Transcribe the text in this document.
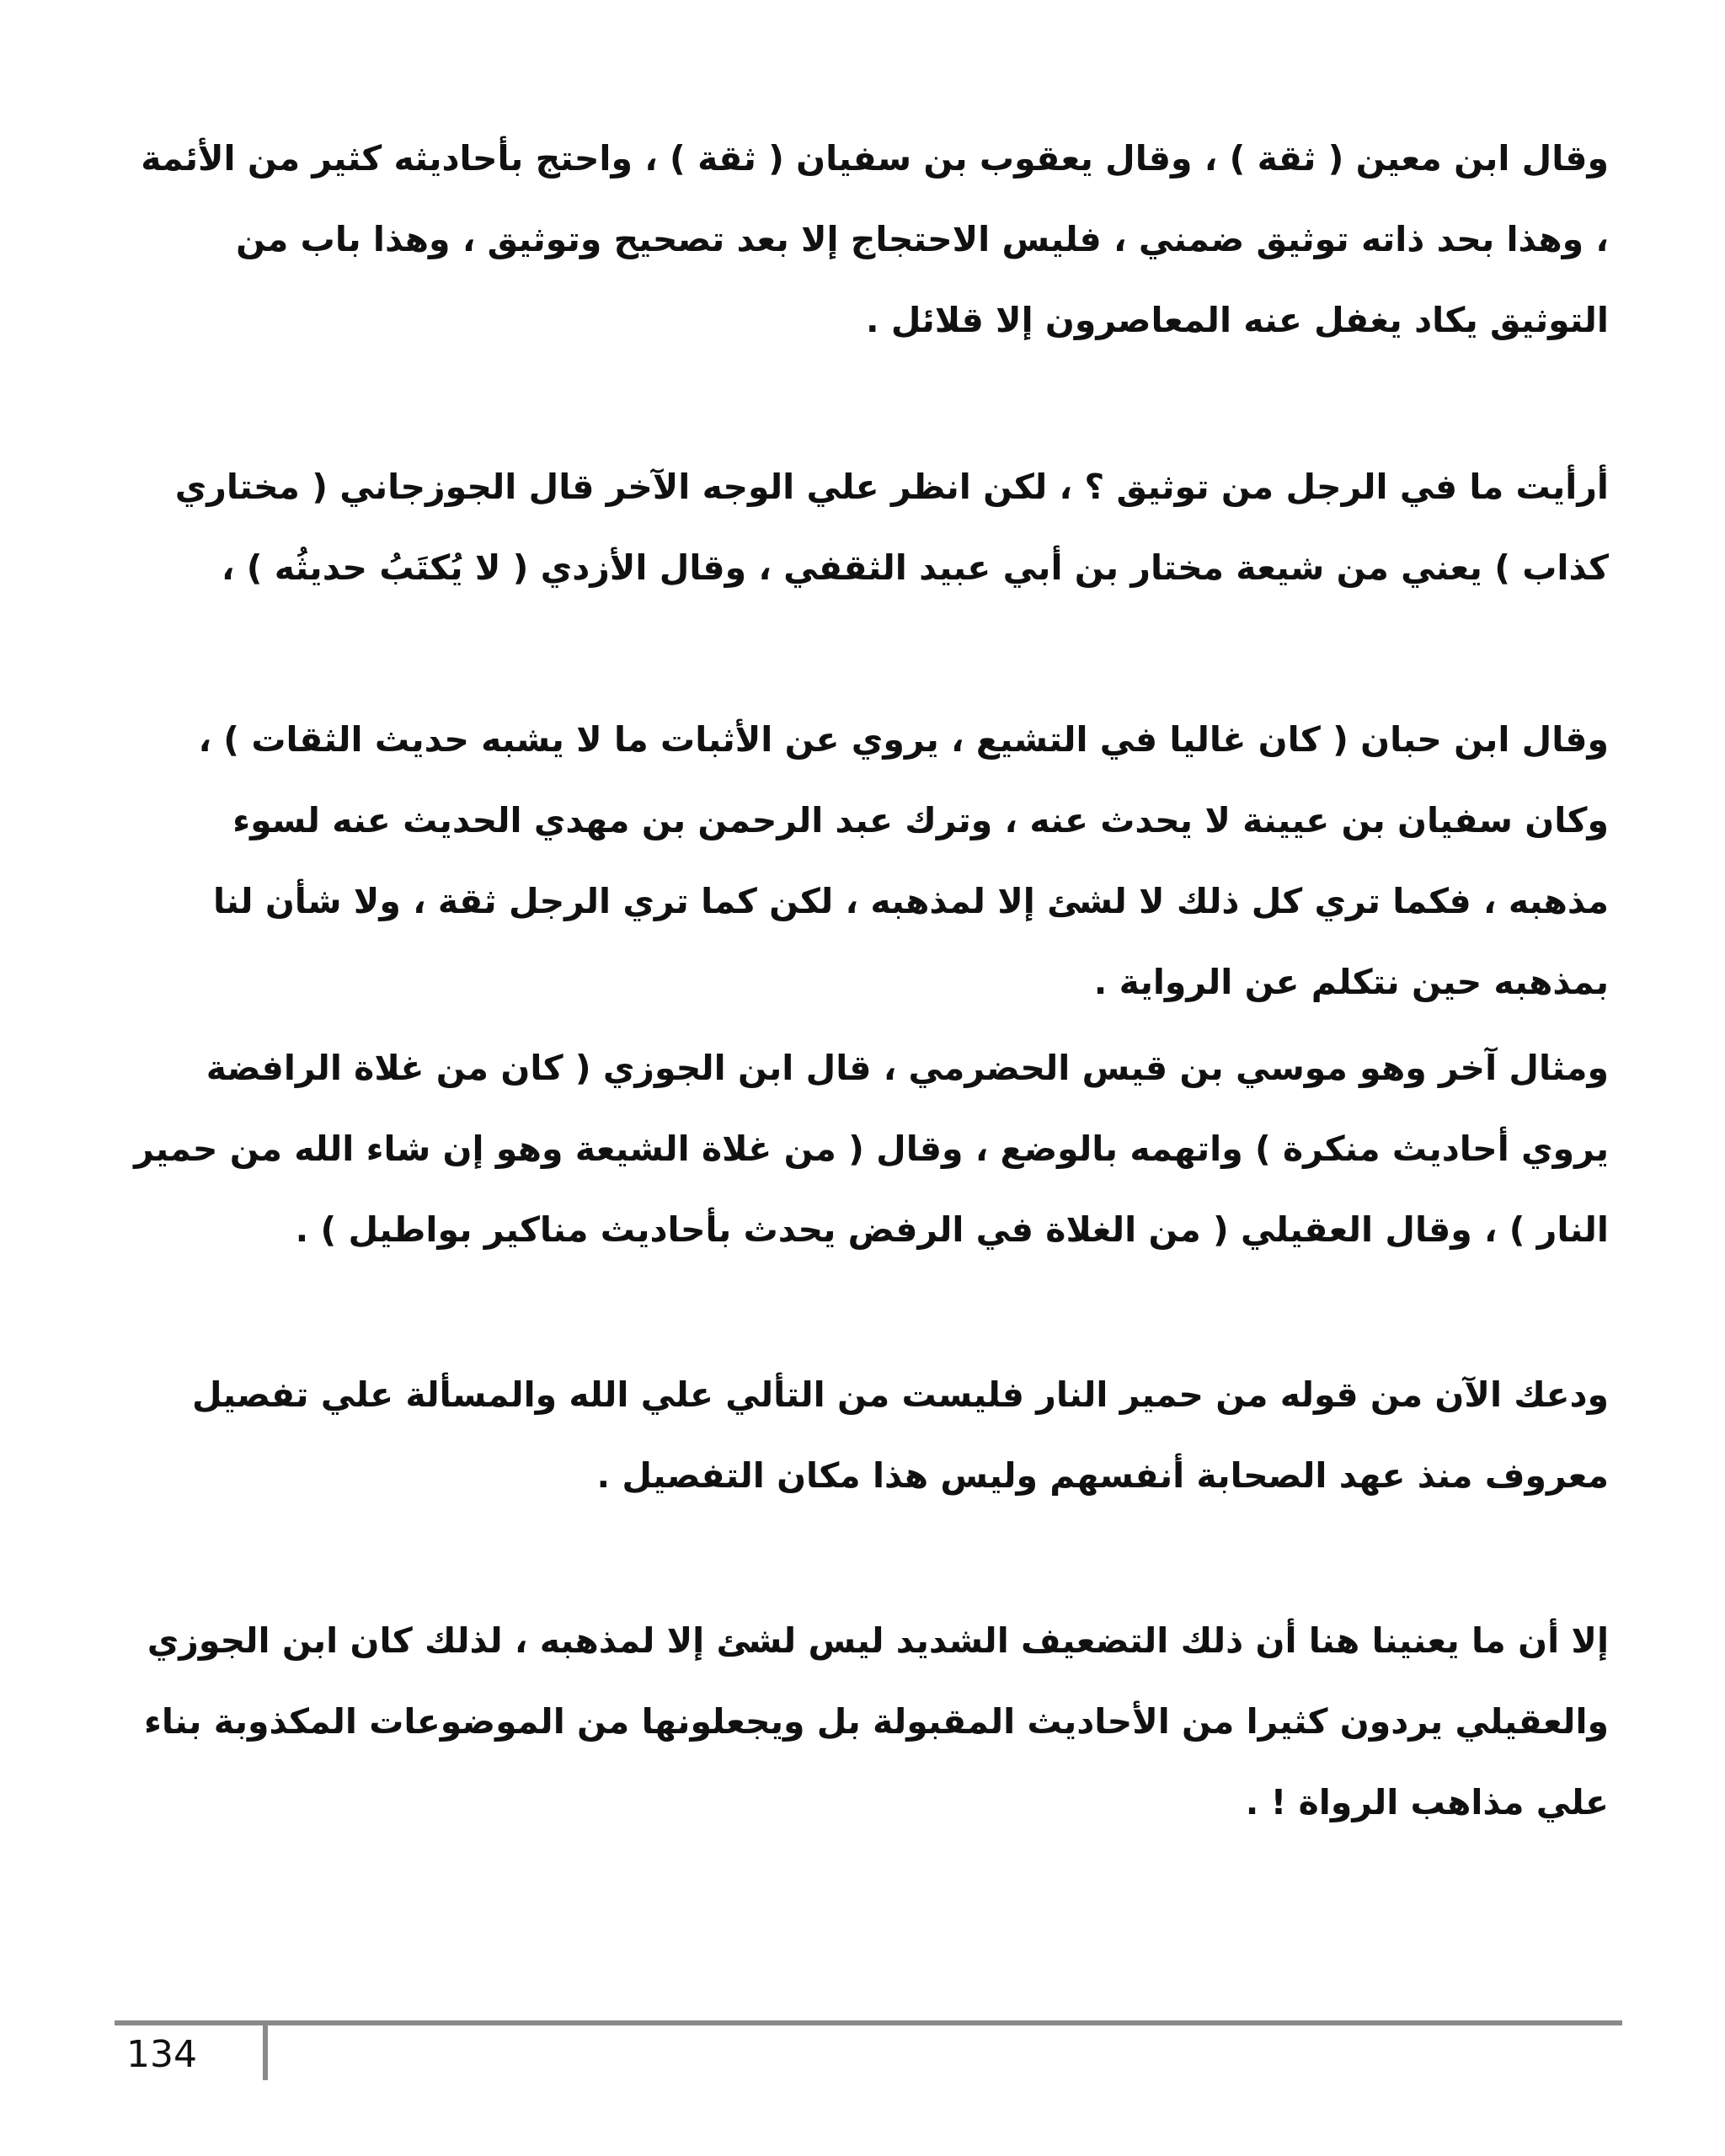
وقال ابن معين ( ثقة ) ، وقال يعقوب بن سفيان ( ثقة ) ، واحتج بأحاديثه كثير من الأئمة ، وهذا بحد ذاته توثيق ضمني ، فليس الاحتجاج إلا بعد تصحيح وتوثيق ، وهذا باب من التوثيق يكاد يغفل عنه المعاصرون إلا قلائل .

أرأيت ما في الرجل من توثيق ؟ ، لكن انظر علي الوجه الآخر قال الجوزجاني ( مختاري كذاب ) يعني من شيعة مختار بن أبي عبيد الثقفي ، وقال الأزدي ( لا يُكتَبُ حديثُه ) ،

وقال ابن حبان ( كان غاليا في التشيع ، يروي عن الأثبات ما لا يشبه حديث الثقات ) ، وكان سفيان بن عيينة لا يحدث عنه ، وترك عبد الرحمن بن مهدي الحديث عنه لسوء مذهبه ، فكما تري كل ذلك لا لشئ إلا لمذهبه ، لكن كما تري الرجل ثقة ، ولا شأن لنا بمذهبه حين نتكلم عن الرواية .

ومثال آخر وهو موسي بن قيس الحضرمي ، قال ابن الجوزي ( كان من غلاة الرافضة يروي أحاديث منكرة ) واتهمه بالوضع ، وقال ( من غلاة الشيعة وهو إن شاء الله من حمير النار ) ، وقال العقيلي ( من الغلاة في الرفض يحدث بأحاديث مناكير بواطيل ) .

ودعك الآن من قوله من حمير النار فليست من التألي علي الله والمسألة علي تفصيل معروف منذ عهد الصحابة أنفسهم وليس هذا مكان التفصيل .

إلا أن ما يعنينا هنا أن ذلك التضعيف الشديد ليس لشئ إلا لمذهبه ، لذلك كان ابن الجوزي والعقيلي يردون كثيرا من الأحاديث المقبولة بل ويجعلونها من الموضوعات المكذوبة بناء علي مذاهب الرواة ! .

134
